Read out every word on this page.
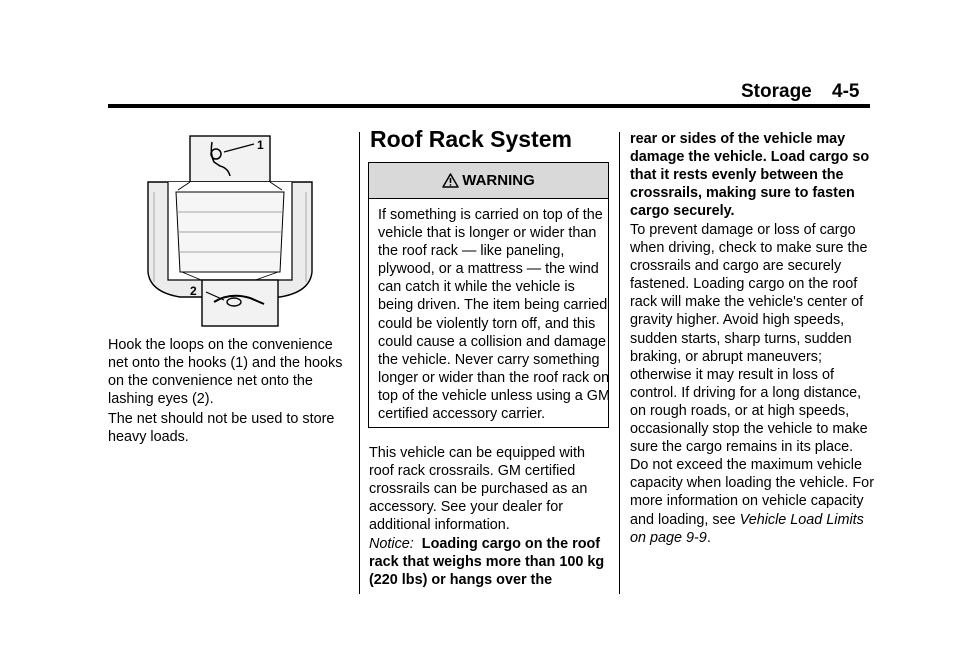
Storage 4-5
1
2

Hook the loops on the convenience net onto the hooks (1) and the hooks on the convenience net onto the lashing eyes (2).

The net should not be used to store heavy loads.

Roof Rack System
WARNING

If something is carried on top of the vehicle that is longer or wider than the roof rack — like paneling, plywood, or a mattress — the wind can catch it while the vehicle is being driven. The item being carried could be violently torn off, and this could cause a collision and damage the vehicle. Never carry something longer or wider than the roof rack on top of the vehicle unless using a GM certified accessory carrier.

This vehicle can be equipped with roof rack crossrails. GM certified crossrails can be purchased as an accessory. See your dealer for additional information.

Notice: Loading cargo on the roof rack that weighs more than 100 kg (220 lbs) or hangs over the

rear or sides of the vehicle may damage the vehicle. Load cargo so that it rests evenly between the crossrails, making sure to fasten cargo securely.

To prevent damage or loss of cargo when driving, check to make sure the crossrails and cargo are securely fastened. Loading cargo on the roof rack will make the vehicle's center of gravity higher. Avoid high speeds, sudden starts, sharp turns, sudden braking, or abrupt maneuvers; otherwise it may result in loss of control. If driving for a long distance, on rough roads, or at high speeds, occasionally stop the vehicle to make sure the cargo remains in its place. Do not exceed the maximum vehicle capacity when loading the vehicle. For more information on vehicle capacity and loading, see Vehicle Load Limits on page 9-9.
